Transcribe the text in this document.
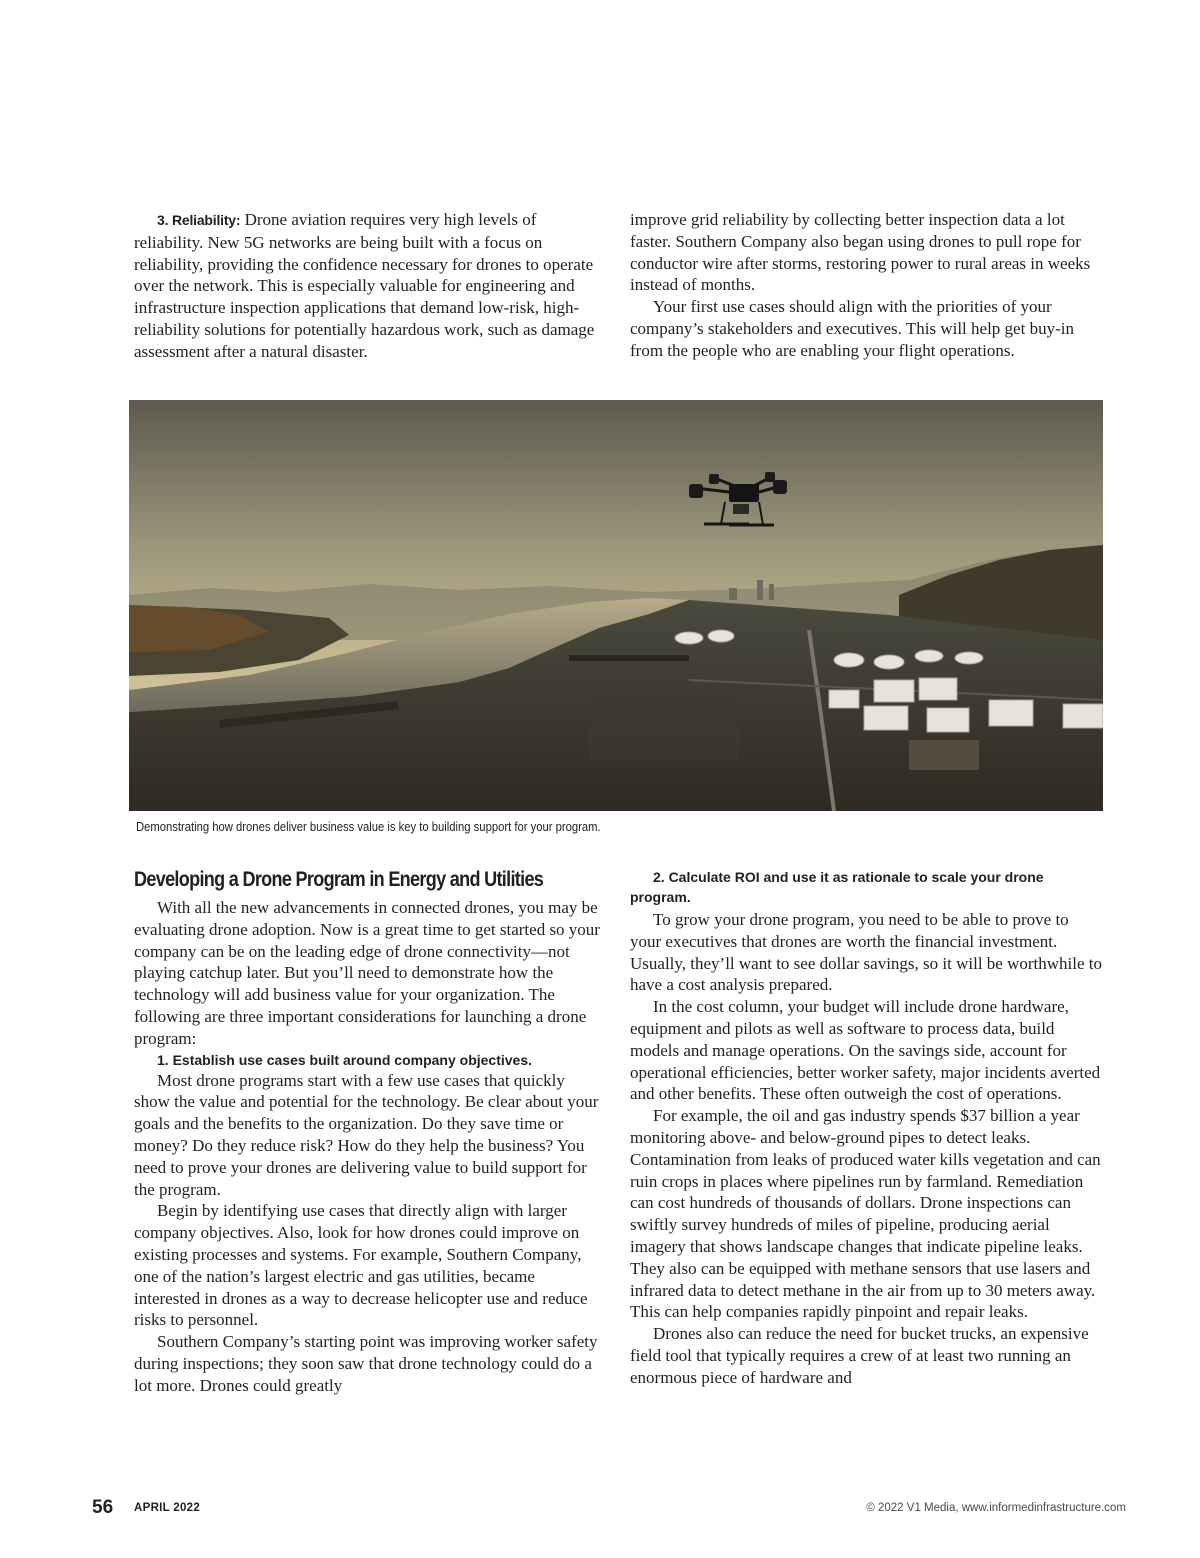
3. Reliability: Drone aviation requires very high levels of reliability. New 5G networks are being built with a focus on reliability, providing the confidence necessary for drones to operate over the network. This is especially valuable for engineering and infrastructure inspection applications that demand low-risk, high-reliability solutions for potentially hazardous work, such as damage assessment after a natural disaster.

improve grid reliability by collecting better inspection data a lot faster. Southern Company also began using drones to pull rope for conductor wire after storms, restoring power to rural areas in weeks instead of months.

Your first use cases should align with the priorities of your company’s stakeholders and executives. This will help get buy-in from the people who are enabling your flight operations.

Demonstrating how drones deliver business value is key to building support for your program.
Developing a Drone Program in Energy and Utilities

With all the new advancements in connected drones, you may be evaluating drone adoption. Now is a great time to get started so your company can be on the leading edge of drone connectivity—not playing catchup later. But you’ll need to demonstrate how the technology will add business value for your organization. The following are three important considerations for launching a drone program:

1. Establish use cases built around company objectives.

Most drone programs start with a few use cases that quickly show the value and potential for the technology. Be clear about your goals and the benefits to the organization. Do they save time or money? Do they reduce risk? How do they help the business? You need to prove your drones are delivering value to build support for the program.

Begin by identifying use cases that directly align with larger company objectives. Also, look for how drones could improve on existing processes and systems. For example, Southern Company, one of the nation’s largest electric and gas utilities, became interested in drones as a way to decrease helicopter use and reduce risks to personnel.

Southern Company’s starting point was improving worker safety during inspections; they soon saw that drone technology could do a lot more. Drones could greatly

2. Calculate ROI and use it as rationale to scale your drone program.

To grow your drone program, you need to be able to prove to your executives that drones are worth the financial investment. Usually, they’ll want to see dollar savings, so it will be worthwhile to have a cost analysis prepared.

In the cost column, your budget will include drone hardware, equipment and pilots as well as software to process data, build models and manage operations. On the savings side, account for operational efficiencies, better worker safety, major incidents averted and other benefits. These often outweigh the cost of operations.

For example, the oil and gas industry spends $37 billion a year monitoring above- and below-ground pipes to detect leaks. Contamination from leaks of produced water kills vegetation and can ruin crops in places where pipelines run by farmland. Remediation can cost hundreds of thousands of dollars. Drone inspections can swiftly survey hundreds of miles of pipeline, producing aerial imagery that shows landscape changes that indicate pipeline leaks. They also can be equipped with methane sensors that use lasers and infrared data to detect methane in the air from up to 30 meters away. This can help companies rapidly pinpoint and repair leaks.

Drones also can reduce the need for bucket trucks, an expensive field tool that typically requires a crew of at least two running an enormous piece of hardware and

56 APRIL 2022	© 2022 V1 Media, www.informedinfrastructure.com
